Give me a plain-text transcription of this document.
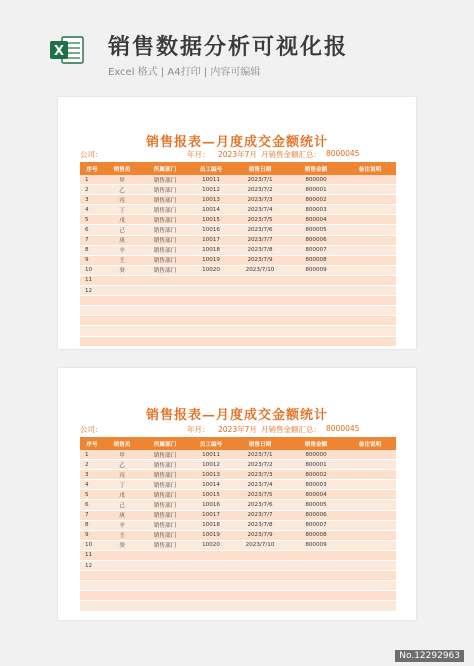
X 销售数据分析可视化报
Excel 格式 | A4打印 | 内容可编辑
销售报表—月度成交金额统计
公司：	年月： 2023年7月 月销售金额汇总： 8000045
序号	销售员	所属部门	员工编号	销售日期	销售金额	备注说明
1	甲	销售部门	10011	2023/7/1	800000	
2	乙	销售部门	10012	2023/7/2	800001	
3	丙	销售部门	10013	2023/7/3	800002	
4	丁	销售部门	10014	2023/7/4	800003	
5	戊	销售部门	10015	2023/7/5	800004	
6	己	销售部门	10016	2023/7/6	800005	
7	庚	销售部门	10017	2023/7/7	800006	
8	辛	销售部门	10018	2023/7/8	800007	
9	壬	销售部门	10019	2023/7/9	800008	
10	癸	销售部门	10020	2023/7/10	800009	
11						
12						

销售报表—月度成交金额统计
公司：	年月： 2023年7月 月销售金额汇总： 8000045
序号	销售员	所属部门	员工编号	销售日期	销售金额	备注说明
1	甲	销售部门	10011	2023/7/1	800000	
2	乙	销售部门	10012	2023/7/2	800001	
3	丙	销售部门	10013	2023/7/3	800002	
4	丁	销售部门	10014	2023/7/4	800003	
5	戊	销售部门	10015	2023/7/5	800004	
6	己	销售部门	10016	2023/7/6	800005	
7	庚	销售部门	10017	2023/7/7	800006	
8	辛	销售部门	10018	2023/7/8	800007	
9	壬	销售部门	10019	2023/7/9	800008	
10	癸	销售部门	10020	2023/7/10	800009	
11						
12						

No.12292963
